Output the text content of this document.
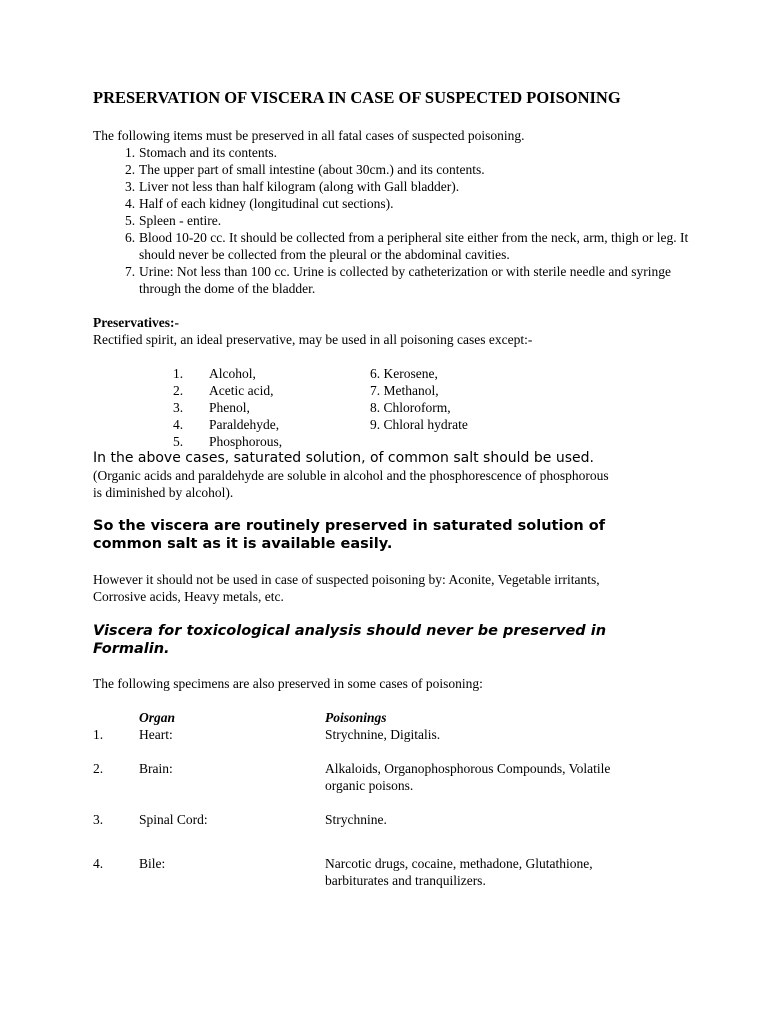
PRESERVATION OF VISCERA IN CASE OF SUSPECTED POISONING

The following items must be preserved in all fatal cases of suspected poisoning.

1. Stomach and its contents.
2. The upper part of small intestine (about 30cm.) and its contents.
3. Liver not less than half kilogram (along with Gall bladder).
4. Half of each kidney (longitudinal cut sections).
5. Spleen - entire.
6. Blood 10-20 cc. It should be collected from a peripheral site either from the neck, arm, thigh or leg. It should never be collected from the pleural or the abdominal cavities.
7. Urine: Not less than 100 cc. Urine is collected by catheterization or with sterile needle and syringe through the dome of the bladder.

Preservatives:-

Rectified spirit, an ideal preservative, may be used in all poisoning cases except:-

1.	Alcohol,
2.	Acetic acid,
3.	Phenol,
4.	Paraldehyde,
5.	Phosphorous,
6. Kerosene,
7. Methanol,
8. Chloroform,
9. Chloral hydrate

In the above cases, saturated solution, of common salt should be used.

(Organic acids and paraldehyde are soluble in alcohol and the phosphorescence of phosphorous is diminished by alcohol).

So the viscera are routinely preserved in saturated solution of common salt as it is available easily.

However it should not be used in case of suspected poisoning by: Aconite, Vegetable irritants, Corrosive acids, Heavy metals, etc.

Viscera for toxicological analysis should never be preserved in Formalin.

The following specimens are also preserved in some cases of poisoning:

Organ	Poisonings
1.	Heart:	Strychnine, Digitalis.
2.	Brain:	Alkaloids, Organophosphorous Compounds, Volatile organic poisons.
3.	Spinal Cord:	Strychnine.
4.	Bile:	Narcotic drugs, cocaine, methadone, Glutathione, barbiturates and tranquilizers.
